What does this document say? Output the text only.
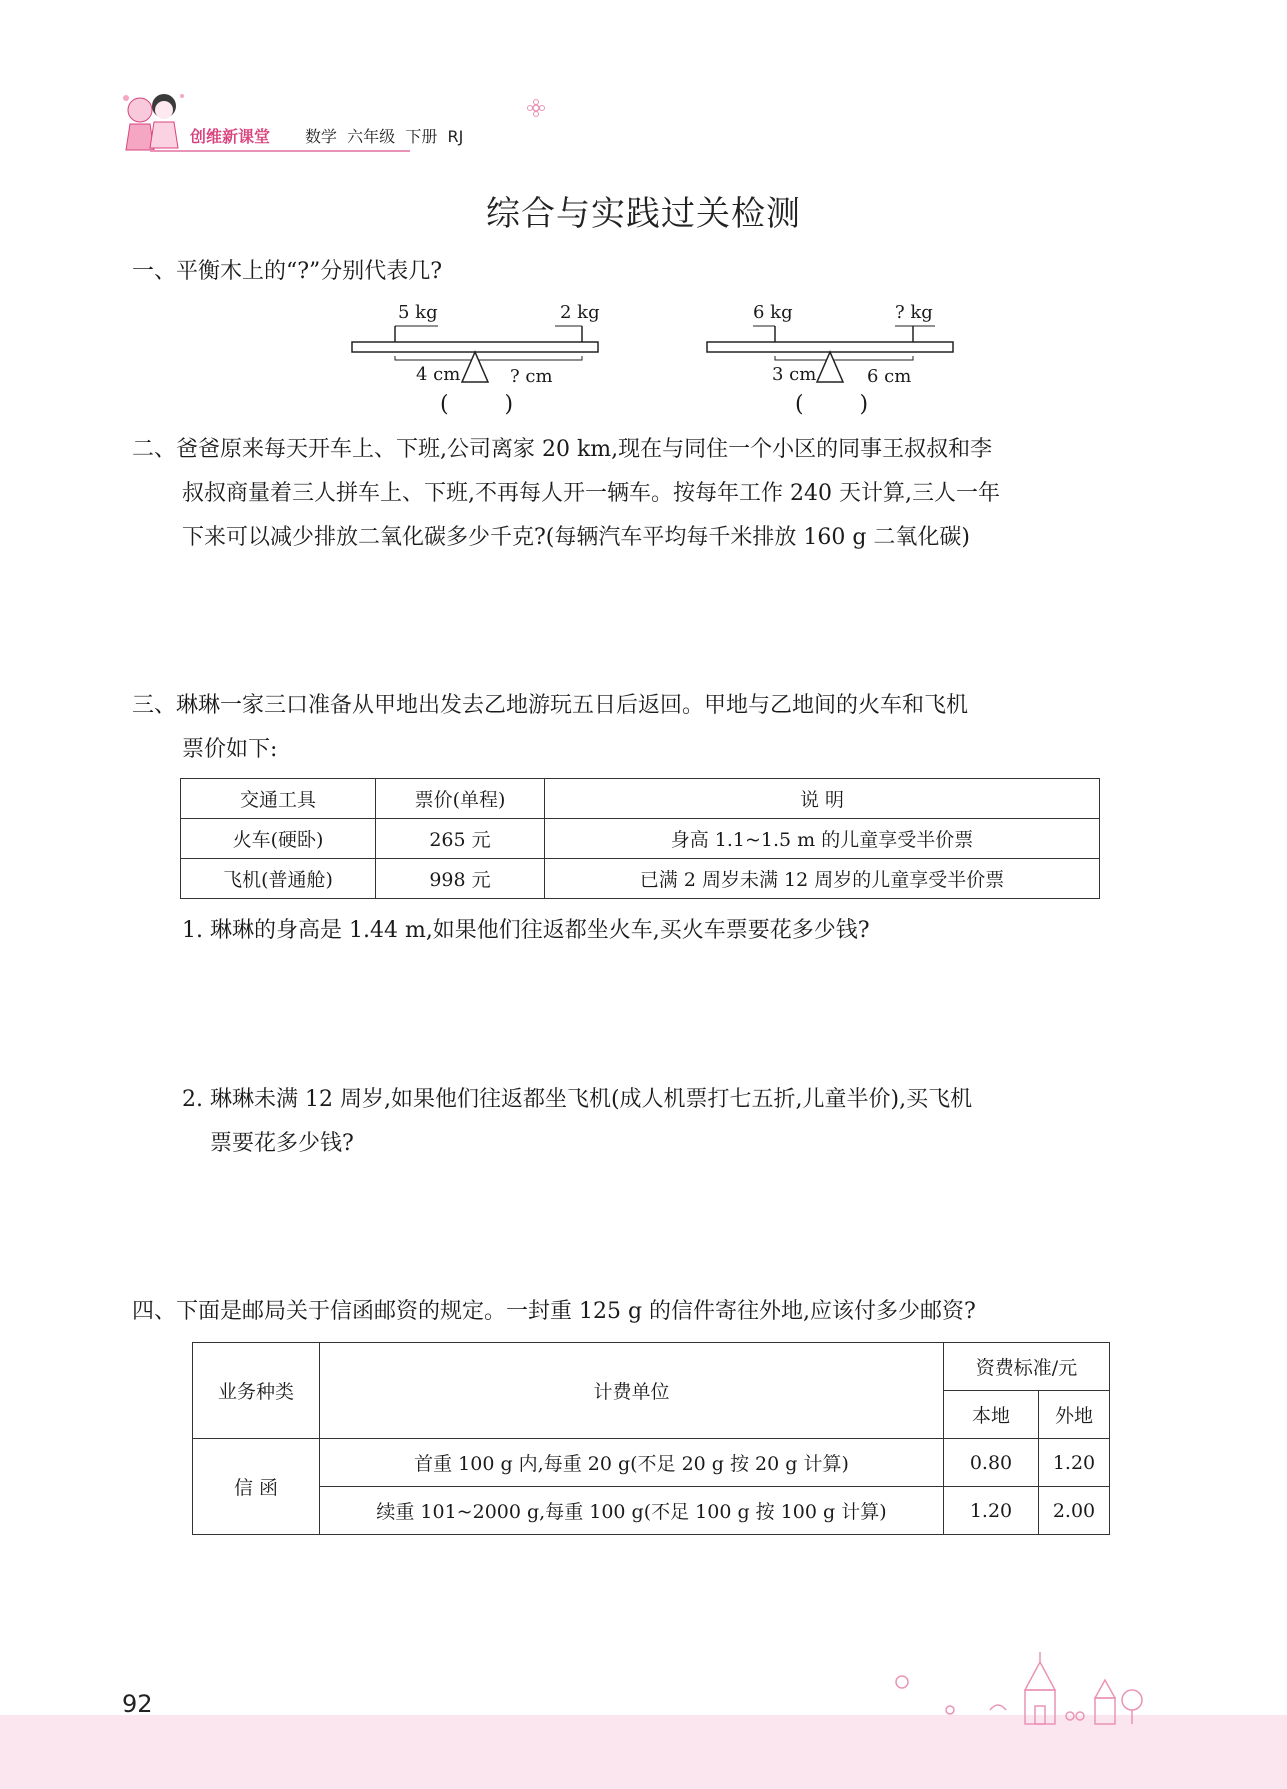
创维新课堂 数学  六年级  下册  RJ
综合与实践过关检测
一、平衡木上的“?”分别代表几?
5 kg	2 kg
4 cm	? cm
(        )
6 kg	? kg
3 cm	6 cm
(        )
二、爸爸原来每天开车上、下班,公司离家 20 km,现在与同住一个小区的同事王叔叔和李
叔叔商量着三人拼车上、下班,不再每人开一辆车。按每年工作 240 天计算,三人一年
下来可以减少排放二氧化碳多少千克?(每辆汽车平均每千米排放 160 g 二氧化碳)
三、琳琳一家三口准备从甲地出发去乙地游玩五日后返回。甲地与乙地间的火车和飞机
票价如下:
交通工具	票价(单程)	说 明
火车(硬卧)	265 元	身高 1.1~1.5 m 的儿童享受半价票
飞机(普通舱)	998 元	已满 2 周岁未满 12 周岁的儿童享受半价票
1. 琳琳的身高是 1.44 m,如果他们往返都坐火车,买火车票要花多少钱?
2. 琳琳未满 12 周岁,如果他们往返都坐飞机(成人机票打七五折,儿童半价),买飞机
票要花多少钱?
四、下面是邮局关于信函邮资的规定。一封重 125 g 的信件寄往外地,应该付多少邮资?
业务种类	计费单位	资费标准/元	
		本地	外地
信 函	首重 100 g 内,每重 20 g(不足 20 g 按 20 g 计算)	0.80	1.20
	续重 101~2000 g,每重 100 g(不足 100 g 按 100 g 计算)	1.20	2.00
92
